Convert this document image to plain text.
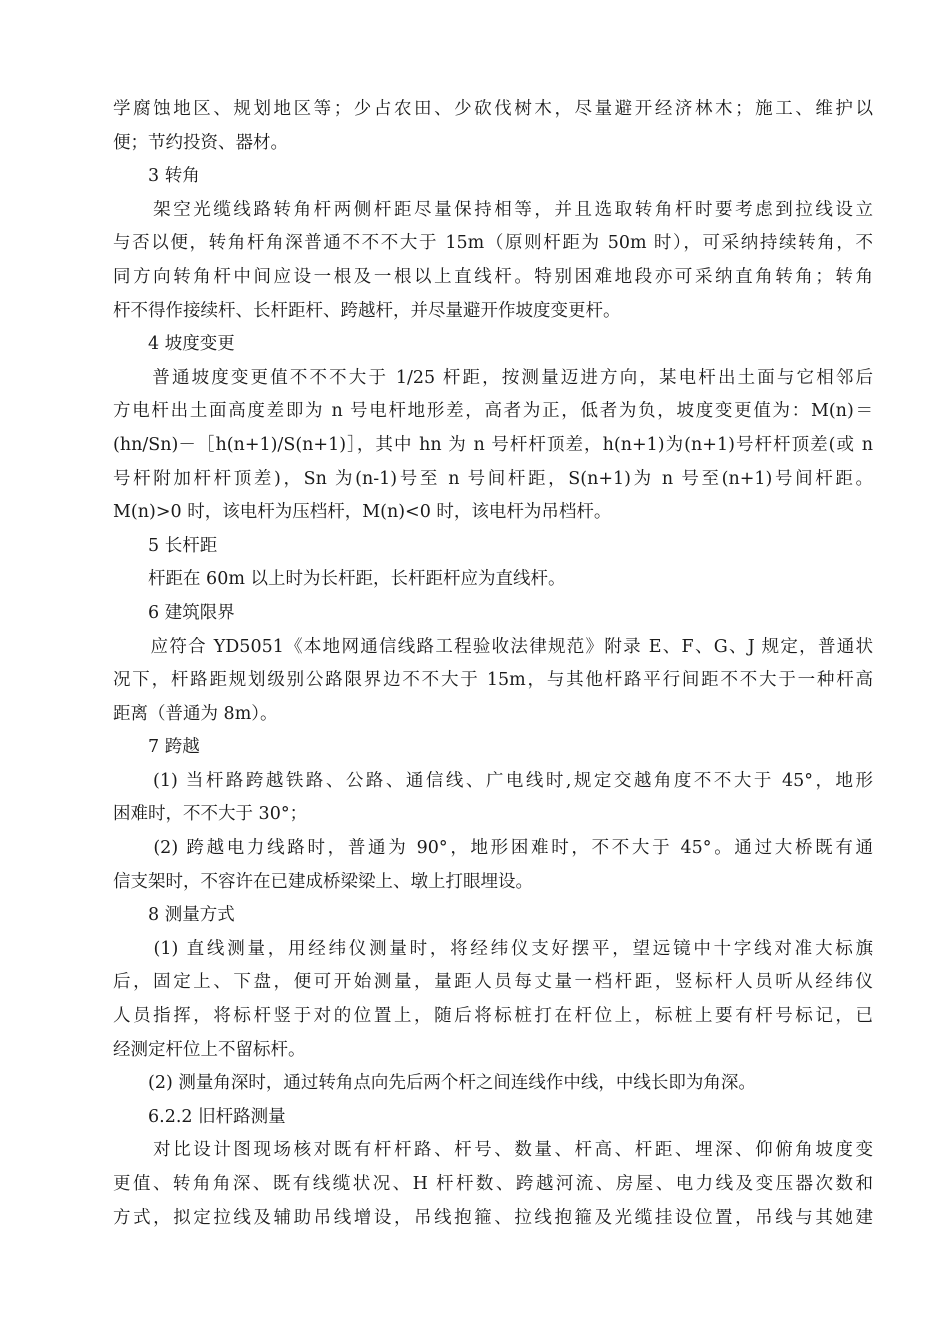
学腐蚀地区、规划地区等；少占农田、少砍伐树木，尽量避开经济林木；施工、维护以
便；节约投资、器材。
3 转角
　　架空光缆线路转角杆两侧杆距尽量保持相等，并且选取转角杆时要考虑到拉线设立
与否以便，转角杆角深普通不不不大于 15m（原则杆距为 50m 时），可采纳持续转角，不
同方向转角杆中间应设一根及一根以上直线杆。特别困难地段亦可采纳直角转角；转角
杆不得作接续杆、长杆距杆、跨越杆，并尽量避开作坡度变更杆。
4 坡度变更
　　普通坡度变更值不不不大于 1/25 杆距，按测量迈进方向，某电杆出土面与它相邻后
方电杆出土面高度差即为 n 号电杆地形差，高者为正，低者为负，坡度变更值为：M(n)＝
(hn/Sn)－［h(n+1)/S(n+1)］，其中 hn 为 n 号杆杆顶差，h(n+1)为(n+1)号杆杆顶差(或 n
号杆附加杆杆顶差)，Sn 为(n-1)号至 n 号间杆距，S(n+1)为 n 号至(n+1)号间杆距。
M(n)>0 时，该电杆为压档杆，M(n)<0 时，该电杆为吊档杆。
5 长杆距
　　杆距在 60m 以上时为长杆距，长杆距杆应为直线杆。
6 建筑限界
　　应符合 YD5051《本地网通信线路工程验收法律规范》附录 E、F、G、J 规定，普通状
况下，杆路距规划级别公路限界边不不大于 15m，与其他杆路平行间距不不大于一种杆高
距离（普通为 8m）。
7 跨越
　　(1) 当杆路跨越铁路、公路、通信线、广电线时,规定交越角度不不大于 45°，地形
困难时，不不大于 30°；
　　(2) 跨越电力线路时，普通为 90°，地形困难时，不不大于 45°。通过大桥既有通
信支架时，不容许在已建成桥梁梁上、墩上打眼埋设。
8 测量方式
　　(1) 直线测量，用经纬仪测量时，将经纬仪支好摆平，望远镜中十字线对准大标旗
后，固定上、下盘，便可开始测量，量距人员每丈量一档杆距，竖标杆人员听从经纬仪
人员指挥，将标杆竖于对的位置上，随后将标桩打在杆位上，标桩上要有杆号标记，已
经测定杆位上不留标杆。
　　(2) 测量角深时，通过转角点向先后两个杆之间连线作中线，中线长即为角深。
6.2.2 旧杆路测量
　　对比设计图现场核对既有杆杆路、杆号、数量、杆高、杆距、埋深、仰俯角坡度变
更值、转角角深、既有线缆状况、H 杆杆数、跨越河流、房屋、电力线及变压器次数和
方式，拟定拉线及辅助吊线增设，吊线抱箍、拉线抱箍及光缆挂设位置，吊线与其她建
